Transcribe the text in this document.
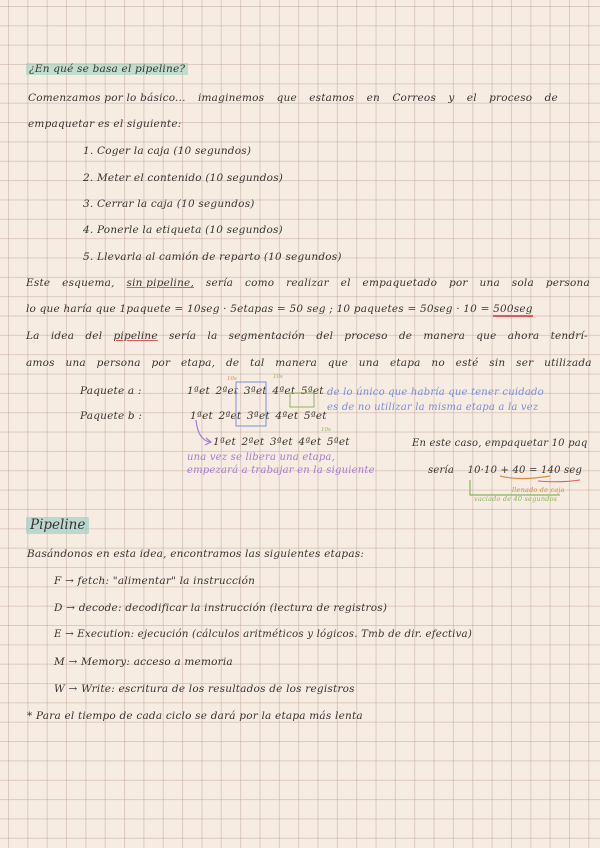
¿En qué se basa el pipeline?
Comenzamos por lo básico... imaginemos que estamos en Correos y el proceso de
empaquetar es el siguiente:
1. Coger la caja (10 segundos)
2. Meter el contenido (10 segundos)
3. Cerrar la caja (10 segundos)
4. Ponerle la etiqueta (10 segundos)
5. Llevarla al camión de reparto (10 segundos)
Este esquema, sin pipeline, sería como realizar el empaquetado por una sola persona
lo que haría que 1paquete = 10seg · 5etapas = 50 seg ; 10 paquetes = 50seg · 10 = 500seg
La idea del pipeline sería la segmentación del proceso de manera que ahora tendrí-
amos una persona por etapa, de tal manera que una etapa no esté sin ser utilizada
Paquete a :
Paquete b :
1ªet 2ªet 3ªet 4ªet 5ªet
1ªet 2ªet 3ªet 4ªet 5ªet
1ªet 2ªet 3ªet 4ªet 5ªet
10s	10s
10s
de lo único que habría que tener cuidado
es de no utilizar la misma etapa a la vez
una vez se libera una etapa,
empezará a trabajar en la siguiente
En este caso, empaquetar 10 paq
sería 10·10 + 40 = 140 seg
llenado de caja
vaciado de 40 segundos
Pipeline
Basándonos en esta idea, encontramos las siguientes etapas:
F → fetch: "alimentar" la instrucción
D → decode: decodificar la instrucción (lectura de registros)
E → Execution: ejecución (cálculos aritméticos y lógicos. Tmb de dir. efectiva)
M → Memory: acceso a memoria
W → Write: escritura de los resultados de los registros
* Para el tiempo de cada ciclo se dará por la etapa más lenta
